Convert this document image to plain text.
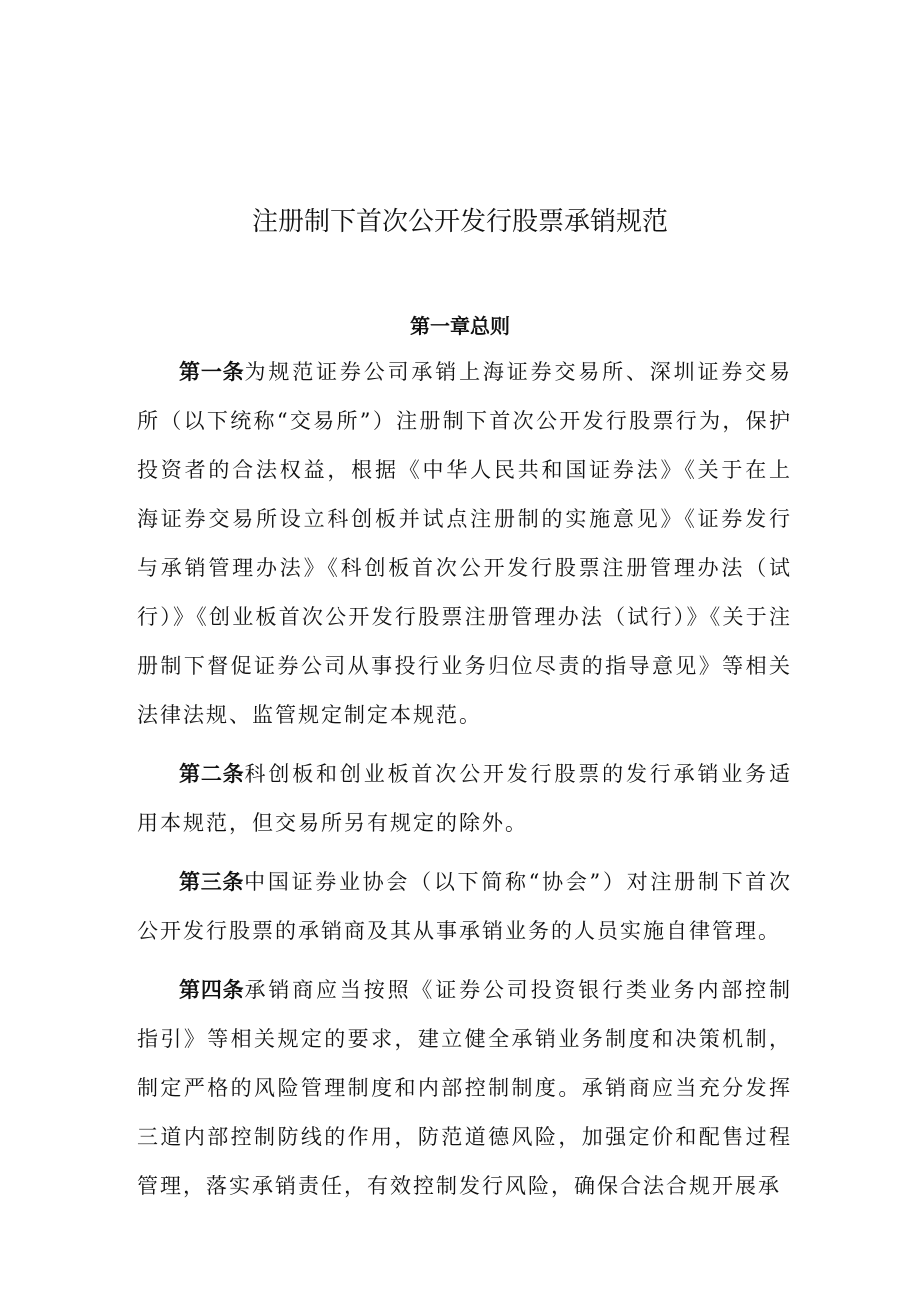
注册制下首次公开发行股票承销规范
第一章总则

第一条为规范证券公司承销上海证券交易所、深圳证券交易所（以下统称“交易所”）注册制下首次公开发行股票行为，保护投资者的合法权益，根据《中华人民共和国证券法》《关于在上海证券交易所设立科创板并试点注册制的实施意见》《证券发行与承销管理办法》《科创板首次公开发行股票注册管理办法（试行）》《创业板首次公开发行股票注册管理办法（试行）》《关于注册制下督促证券公司从事投行业务归位尽责的指导意见》等相关法律法规、监管规定制定本规范。

第二条科创板和创业板首次公开发行股票的发行承销业务适用本规范，但交易所另有规定的除外。

第三条中国证券业协会（以下简称“协会”）对注册制下首次公开发行股票的承销商及其从事承销业务的人员实施自律管理。

第四条承销商应当按照《证券公司投资银行类业务内部控制指引》等相关规定的要求，建立健全承销业务制度和决策机制，制定严格的风险管理制度和内部控制制度。承销商应当充分发挥三道内部控制防线的作用，防范道德风险，加强定价和配售过程管理，落实承销责任，有效控制发行风险，确保合法合规开展承
